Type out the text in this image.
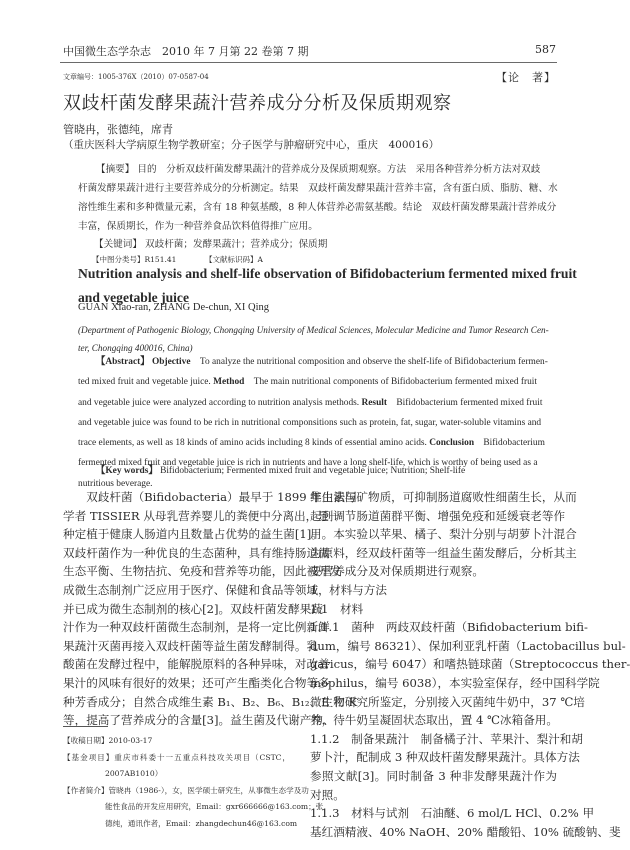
中国微生态学杂志　2010 年 7 月第 22 卷第 7 期	587
文章编号：1005-376X（2010）07-0587-04	【论　著】
双歧杆菌发酵果蔬汁营养成分分析及保质期观察
管晓冉，张德纯，席青
（重庆医科大学病原生物学教研室；分子医学与肿瘤研究中心，重庆　400016）
【摘要】 目的　分析双歧杆菌发酵果蔬汁的营养成分及保质期观察。方法　采用各种营养分析方法对双歧
杆菌发酵果蔬汁进行主要营养成分的分析测定。结果　双歧杆菌发酵果蔬汁营养丰富，含有蛋白质、脂肪、糖、水
溶性维生素和多种微量元素，含有 18 种氨基酸，8 种人体营养必需氨基酸。结论　双歧杆菌发酵果蔬汁营养成分
丰富，保质期长，作为一种营养食品饮料值得推广应用。
【关键词】 双歧杆菌；发酵果蔬汁；营养成分；保质期
【中图分类号】R151.41	【文献标识码】A
Nutrition analysis and shelf-life observation of Bifidobacterium fermented mixed fruit
and vegetable juice
GUAN Xiao-ran, ZHANG De-chun, XI Qing
(Department of Pathogenic Biology, Chongqing University of Medical Sciences, Molecular Medicine and Tumor Research Cen-
ter, Chongqing 400016, China)
【Abstract】 Objective　To analyze the nutritional composition and observe the shelf-life of Bifidobacterium fermen-
ted mixed fruit and vegetable juice. Method　The main nutritional components of Bifidobacterium fermented mixed fruit
and vegetable juice were analyzed according to nutrition analysis methods. Result　Bifidobacterium fermented mixed fruit
and vegetable juice was found to be rich in nutritional componsitions such as protein, fat, sugar, water-soluble vitamins and
trace elements, as well as 18 kinds of amino acids including 8 kinds of essential amino acids. Conclusion　Bifidobacterium
fermented mixed fruit and vegetable juice is rich in nutrients and have a long shelf-life, which is worthy of being used as a
nutritious beverage.
【Key words】 Bifidobacterium; Fermented mixed fruit and vegetable juice; Nutrition; Shelf-life
双歧杆菌（Bifidobacteria）最早于 1899 年由法国
学者 TISSIER 从母乳营养婴儿的粪便中分离出，是一
种定植于健康人肠道内且数量占优势的益生菌[1]。
双歧杆菌作为一种优良的生态菌种，具有维持肠道微
生态平衡、生物拮抗、免疫和营养等功能，因此被开发
成微生态制剂广泛应用于医疗、保健和食品等领域，
并已成为微生态制剂的核心[2]。双歧杆菌发酵果蔬
汁作为一种双歧杆菌微生态制剂，是将一定比例新鲜
果蔬汁灭菌再接入双歧杆菌等益生菌发酵制得。乳
酸菌在发酵过程中，能解脱原料的各种异味，对改善
果汁的风味有很好的效果；还可产生酯类化合物等多
种芳香成分；自然合成维生素 B₁、B₂、B₆、B₁₂、E 和 K
等，提高了营养成分的含量[3]。益生菌及代谢产物、
维生素与矿物质，可抑制肠道腐败性细菌生长，从而
起到调节肠道菌群平衡、增强免疫和延缓衰老等作
用。本实验以苹果、橘子、梨汁分别与胡萝卜汁混合
为原料，经双歧杆菌等一组益生菌发酵后，分析其主
要营养成分及对保质期进行观察。
1　材料与方法
1.1　材料
1.1.1　菌种　两歧双歧杆菌（Bifidobacterium bifi-
dum，编号 86321）、保加利亚乳杆菌（Lactobacillus bul-
garicus，编号 6047）和嗜热链球菌（Streptococcus ther-
mophilus，编号 6038），本实验室保存，经中国科学院
微生物研究所鉴定，分别接入灭菌纯牛奶中，37 ℃培
养，待牛奶呈凝固状态取出，置 4 ℃冰箱备用。
1.1.2　制备果蔬汁　制备橘子汁、苹果汁、梨汁和胡
萝卜汁，配制成 3 种双歧杆菌发酵果蔬汁。具体方法
参照文献[3]。同时制备 3 种非发酵果蔬汁作为
对照。
1.1.3　材料与试剂　石油醚、6 mol/L HCl、0.2% 甲
基红酒精液、40% NaOH、20% 醋酸铅、10% 硫酸钠、斐
【收稿日期】2010-03-17
【基金项目】重庆市科委十一五重点科技攻关项目（CSTC，
2007AB1010）
【作者简介】管晓冉（1986-），女，医学硕士研究生，从事微生态学及功
能性食品的开发应用研究，Email：gxr666666@163.com；张
德纯，通讯作者，Email：zhangdechun46@163.com
